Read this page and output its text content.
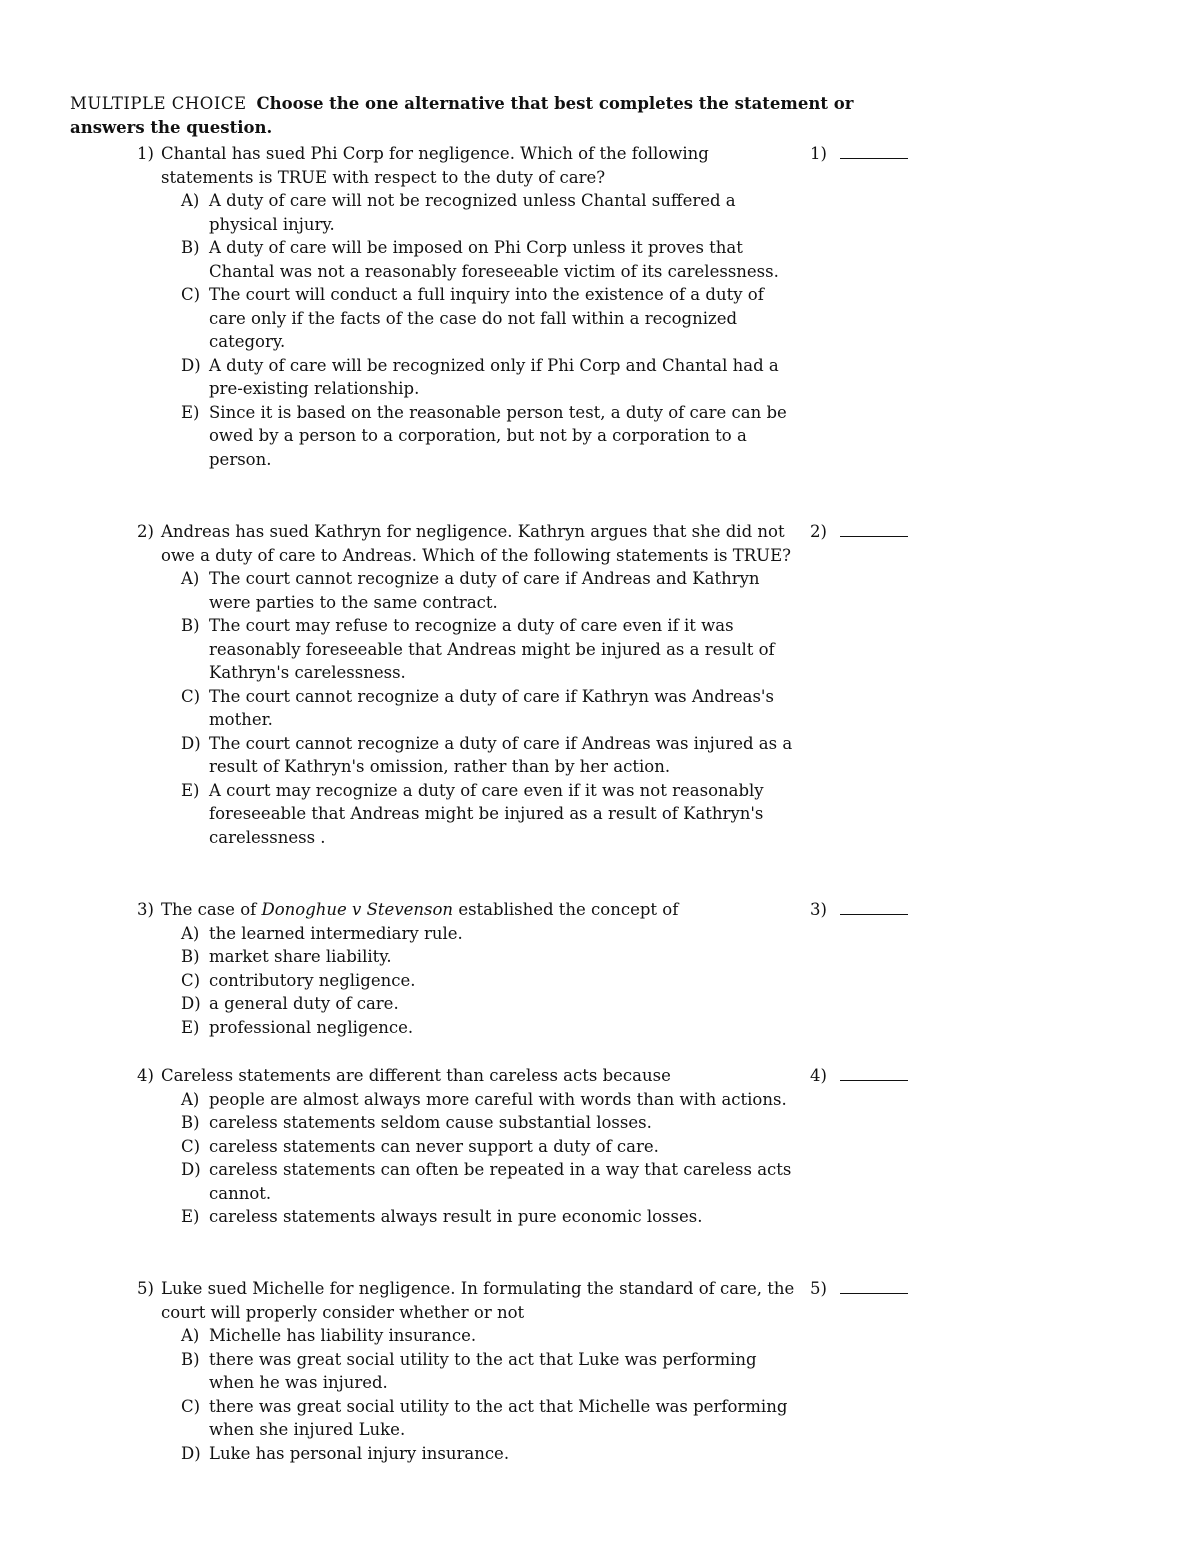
MULTIPLE CHOICE Choose the one alternative that best completes the statement or answers the question.
1) Chantal has sued Phi Corp for negligence. Which of the following statements is TRUE with respect to the duty of care?
A) A duty of care will not be recognized unless Chantal suffered a physical injury.
B) A duty of care will be imposed on Phi Corp unless it proves that Chantal was not a reasonably foreseeable victim of its carelessness.
C) The court will conduct a full inquiry into the existence of a duty of care only if the facts of the case do not fall within a recognized category.
D) A duty of care will be recognized only if Phi Corp and Chantal had a pre-existing relationship.
E) Since it is based on the reasonable person test, a duty of care can be owed by a person to a corporation, but not by a corporation to a person.
1)
2) Andreas has sued Kathryn for negligence. Kathryn argues that she did not owe a duty of care to Andreas. Which of the following statements is TRUE?
A) The court cannot recognize a duty of care if Andreas and Kathryn were parties to the same contract.
B) The court may refuse to recognize a duty of care even if it was reasonably foreseeable that Andreas might be injured as a result of Kathryn's carelessness.
C) The court cannot recognize a duty of care if Kathryn was Andreas's mother.
D) The court cannot recognize a duty of care if Andreas was injured as a result of Kathryn's omission, rather than by her action.
E) A court may recognize a duty of care even if it was not reasonably foreseeable that Andreas might be injured as a result of Kathryn's carelessness .
2)
3) The case of Donoghue v Stevenson established the concept of
A) the learned intermediary rule.
B) market share liability.
C) contributory negligence.
D) a general duty of care.
E) professional negligence.
3)
4) Careless statements are different than careless acts because
A) people are almost always more careful with words than with actions.
B) careless statements seldom cause substantial losses.
C) careless statements can never support a duty of care.
D) careless statements can often be repeated in a way that careless acts cannot.
E) careless statements always result in pure economic losses.
4)
5) Luke sued Michelle for negligence. In formulating the standard of care, the court will properly consider whether or not
A) Michelle has liability insurance.
B) there was great social utility to the act that Luke was performing when he was injured.
C) there was great social utility to the act that Michelle was performing when she injured Luke.
D) Luke has personal injury insurance.
5)
